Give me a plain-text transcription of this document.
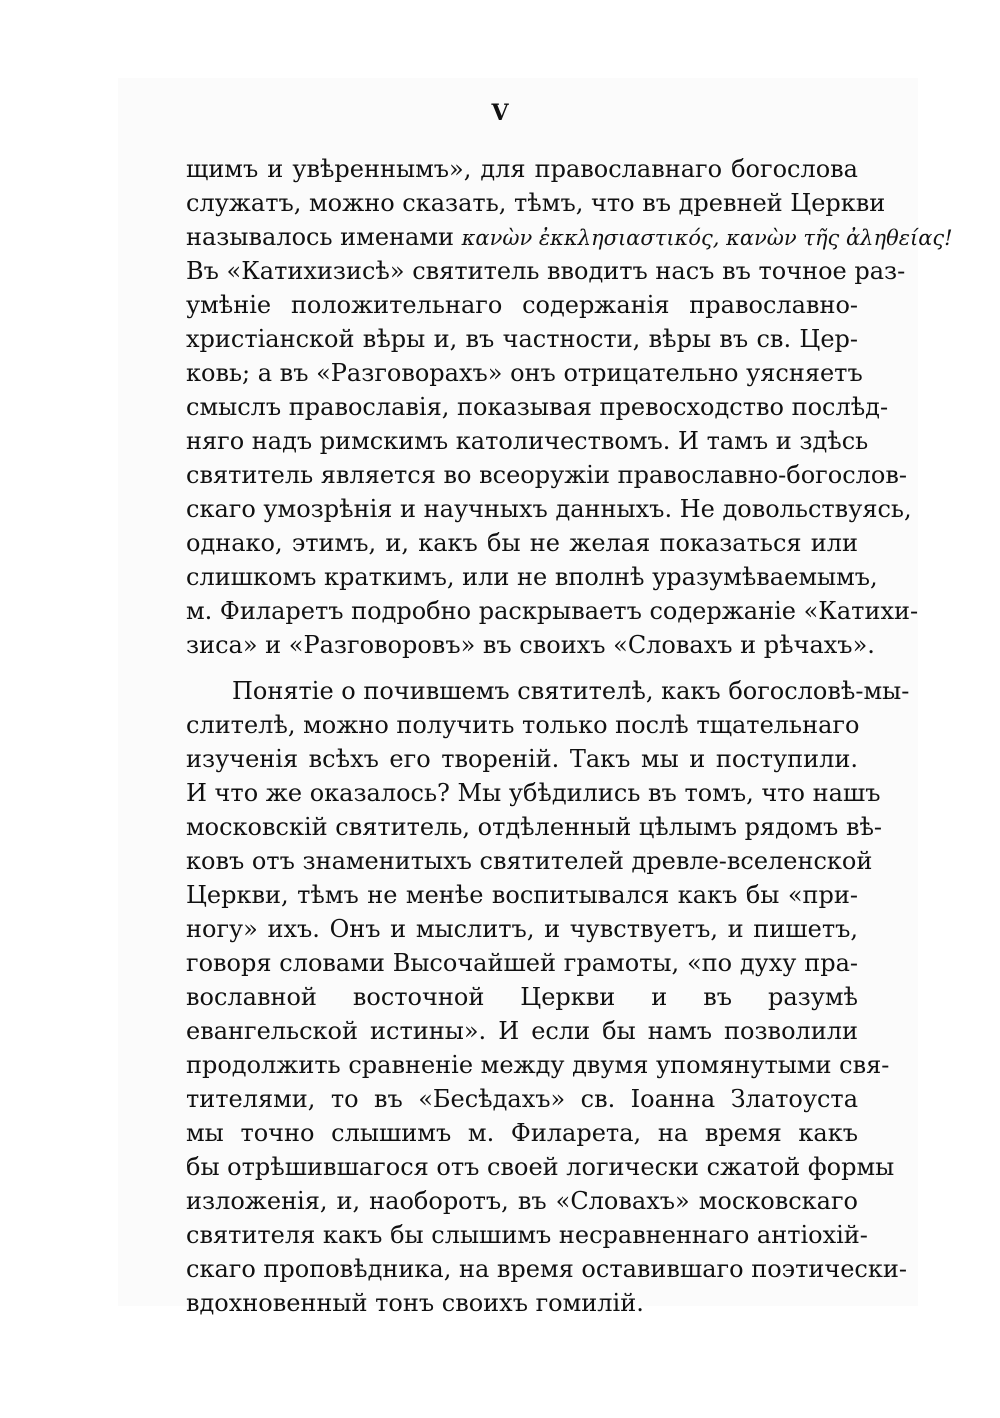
V
щимъ и увѣреннымъ», для православнаго богослова
служатъ, можно сказать, тѣмъ, что въ древней Церкви
называлось именами κανὼν ἐκκλησιαστικός, κανὼν τῆς ἀληθείας!
Въ «Катихизисѣ» святитель вводитъ насъ въ точное раз-
умѣніе положительнаго содержанія православно-
христіанской вѣры и, въ частности, вѣры въ св. Цер-
ковь; а въ «Разговорахъ» онъ отрицательно уясняетъ
смыслъ православія, показывая превосходство послѣд-
няго надъ римскимъ католичествомъ. И тамъ и здѣсь
святитель является во всеоружіи православно-богослов-
скаго умозрѣнія и научныхъ данныхъ. Не довольствуясь,
однако, этимъ, и, какъ бы не желая показаться или
слишкомъ краткимъ, или не вполнѣ уразумѣваемымъ,
м. Филаретъ подробно раскрываетъ содержаніе «Катихи-
зиса» и «Разговоровъ» въ своихъ «Словахъ и рѣчахъ».
Понятіе о почившемъ святителѣ, какъ богословѣ-мы-
слителѣ, можно получить только послѣ тщательнаго
изученія всѣхъ его твореній. Такъ мы и поступили.
И что же оказалось? Мы убѣдились въ томъ, что нашъ
московскій святитель, отдѣленный цѣлымъ рядомъ вѣ-
ковъ отъ знаменитыхъ святителей древле-вселенской
Церкви, тѣмъ не менѣе воспитывался какъ бы «при-
ногу» ихъ. Онъ и мыслитъ, и чувствуетъ, и пишетъ,
говоря словами Высочайшей грамоты, «по духу пра-
вославной восточной Церкви и въ разумѣ
евангельской истины». И если бы намъ позволили
продолжить сравненіе между двумя упомянутыми свя-
тителями, то въ «Бесѣдахъ» св. Іоанна Златоуста
мы точно слышимъ м. Филарета, на время какъ
бы отрѣшившагося отъ своей логически сжатой формы
изложенія, и, наоборотъ, въ «Словахъ» московскаго
святителя какъ бы слышимъ несравненнаго антіохій-
скаго проповѣдника, на время оставившаго поэтически-
вдохновенный тонъ своихъ гомилій.
